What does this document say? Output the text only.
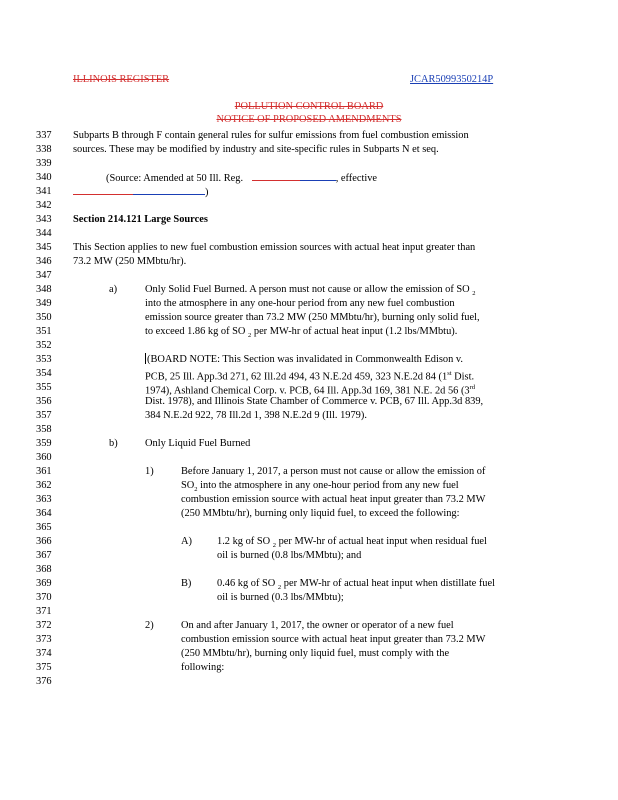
ILLINOIS REGISTER	JCAR5099350214P
POLLUTION CONTROL BOARD
NOTICE OF PROPOSED AMENDMENTS
337	Subparts B through F contain general rules for sulfur emissions from fuel combustion emission
338	sources. These may be modified by industry and site-specific rules in Subparts N et seq.
339
340	(Source: Amended at 50 Ill. Reg.	, effective
341	)
342
343	Section 214.121 Large Sources
344
345	This Section applies to new fuel combustion emission sources with actual heat input greater than
346	73.2 MW (250 MMbtu/hr).
347
348	a)	Only Solid Fuel Burned. A person must not cause or allow the emission of SO $_2$
349	into the atmosphere in any one-hour period from any new fuel combustion
350	emission source greater than 73.2 MW (250 MMbtu/hr), burning only solid fuel,
351	to exceed 1.86 kg of SO $_2$ per MW-hr of actual heat input (1.2 lbs/MMbtu).
352
353	(BOARD NOTE: This Section was invalidated in Commonwealth Edison v.
354	PCB, 25 Ill. App.3d 271, 62 Ill.2d 494, 43 N.E.2d 459, 323 N.E.2d 84 (1st Dist.
355	1974), Ashland Chemical Corp. v. PCB, 64 Ill. App.3d 169, 381 N.E. 2d 56 (3rd
356	Dist. 1978), and Illinois State Chamber of Commerce v. PCB, 67 Ill. App.3d 839,
357	384 N.E.2d 922, 78 Ill.2d 1, 398 N.E.2d 9 (Ill. 1979).
358
359	b)	Only Liquid Fuel Burned
360
361	1)	Before January 1, 2017, a person must not cause or allow the emission of
362	$SO_2$ into the atmosphere in any one-hour period from any new fuel
363	combustion emission source with actual heat input greater than 73.2 MW
364	(250 MMbtu/hr), burning only liquid fuel, to exceed the following:
365
366	A) 1.2 kg of SO $_2$ per MW-hr of actual heat input when residual fuel
367	oil is burned (0.8 lbs/MMbtu); and
368
369	B) 0.46 kg of SO $_2$ per MW-hr of actual heat input when distillate fuel
370	oil is burned (0.3 lbs/MMbtu);
371
372	2)	On and after January 1, 2017, the owner or operator of a new fuel
373	combustion emission source with actual heat input greater than 73.2 MW
374	(250 MMbtu/hr), burning only liquid fuel, must comply with the
375	following:
376
